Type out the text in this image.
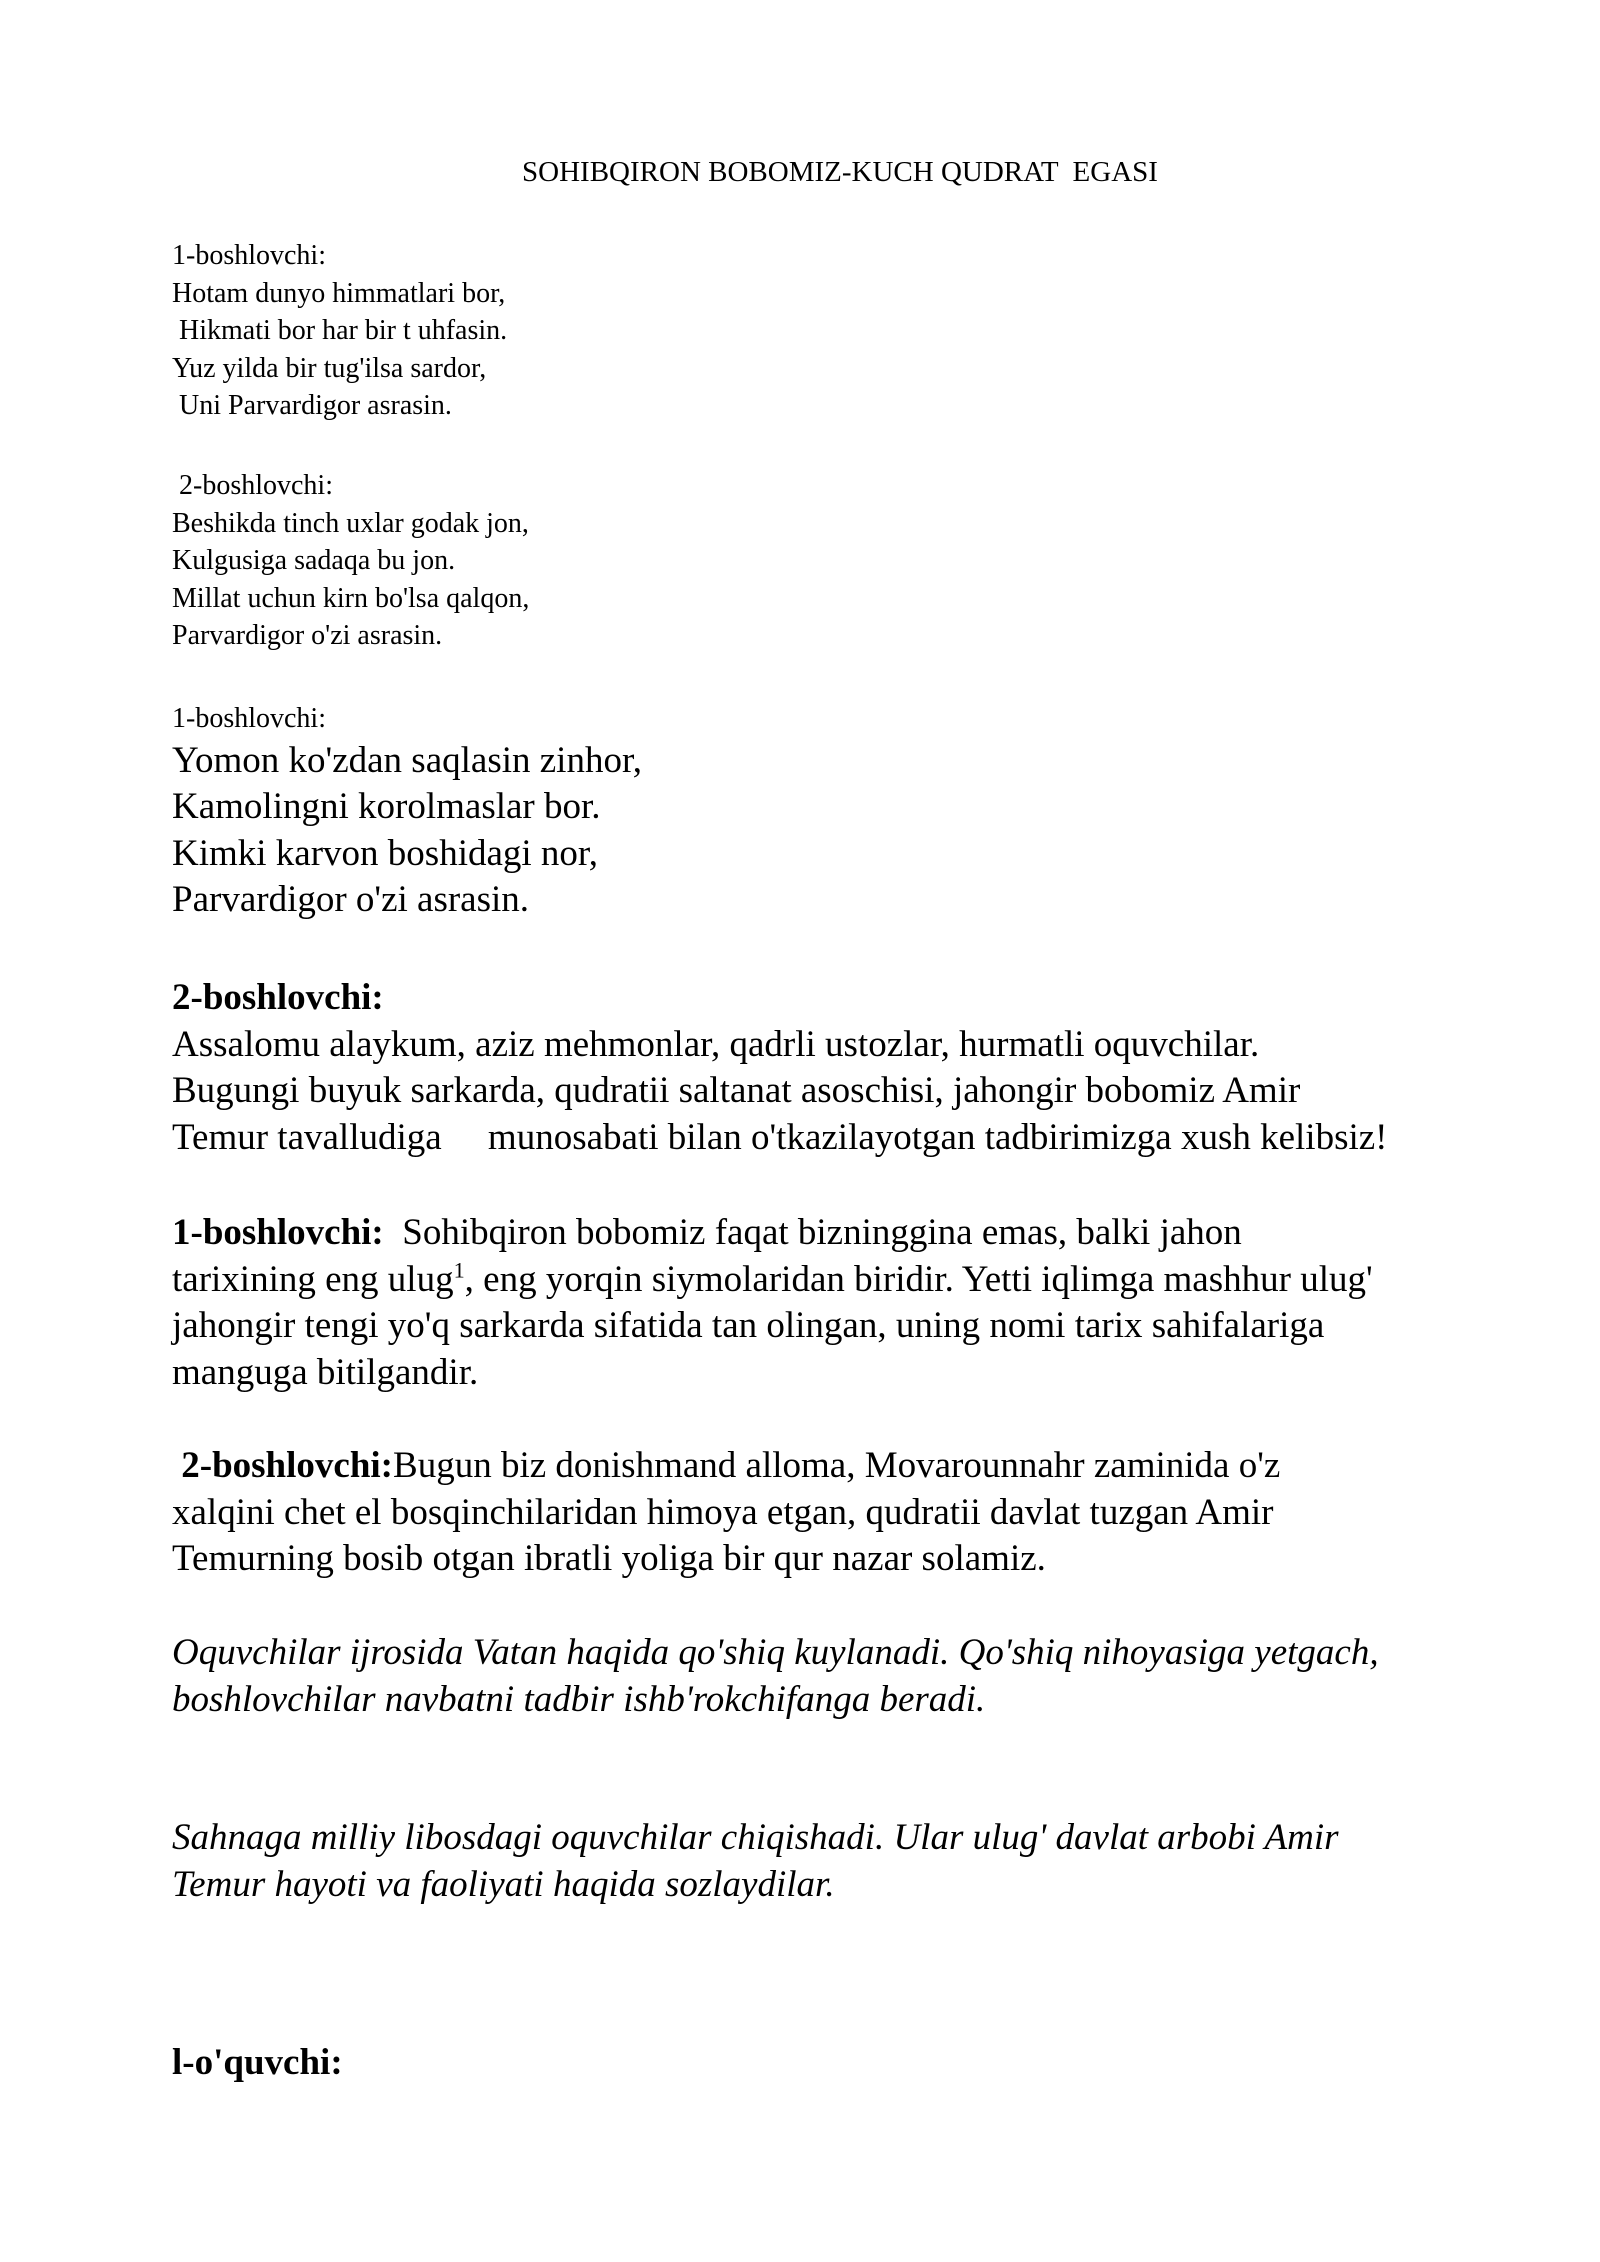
SOHIBQIRON BOBOMIZ-KUCH QUDRAT  EGASI
1-boshlovchi:
Hotam dunyo himmatlari bor,
Hikmati bor har bir t uhfasin.
Yuz yilda bir tug'ilsa sardor,
Uni Parvardigor asrasin.
2-boshlovchi:
Beshikda tinch uxlar godak jon,
Kulgusiga sadaqa bu jon.
Millat uchun kirn bo'lsa qalqon,
Parvardigor o'zi asrasin.
1-boshlovchi:
Yomon ko'zdan saqlasin zinhor,
Kamolingni korolmaslar bor.
Kimki karvon boshidagi nor,
Parvardigor o'zi asrasin.
2-boshlovchi:
Assalomu alaykum, aziz mehmonlar, qadrli ustozlar, hurmatli oquvchilar.
Bugungi buyuk sarkarda, qudratii saltanat asoschisi, jahongir bobomiz Amir
Temur tavalludiga     munosabati bilan o'tkazilayotgan tadbirimizga xush kelibsiz!
1-boshlovchi:  Sohibqiron bobomiz faqat bizninggina emas, balki jahon
tarixining eng ulug$^1$, eng yorqin siymolaridan biridir. Yetti iqlimga mashhur ulug'
jahongir tengi yo'q sarkarda sifatida tan olingan, uning nomi tarix sahifalariga
manguga bitilgandir.
2-boshlovchi:Bugun biz donishmand alloma, Movarounnahr zaminida o'z
xalqini chet el bosqinchilaridan himoya etgan, qudratii davlat tuzgan Amir
Temurning bosib otgan ibratli yoliga bir qur nazar solamiz.
Oquvchilar ijrosida Vatan haqida qo'shiq kuylanadi. Qo'shiq nihoyasiga yetgach,
boshlovchilar navbatni tadbir ishb'rokchifanga beradi.
Sahnaga milliy libosdagi oquvchilar chiqishadi. Ular ulug' davlat arbobi Amir
Temur hayoti va faoliyati haqida sozlaydilar.
l-o'quvchi:
